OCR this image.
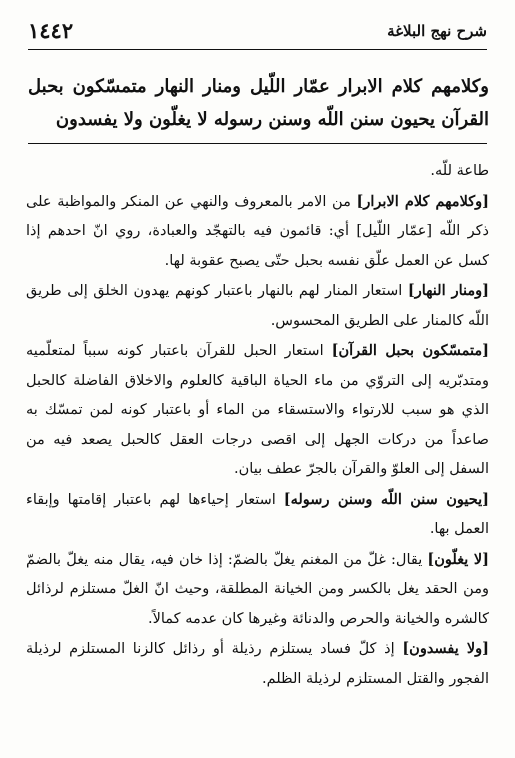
١٤٤٢	شرح نهج البلاغة
وكلامهم كلام الابرار عمّار اللّيل ومنار النهار متمسّكون بحبل القرآن يحيون سنن اللّه وسنن رسوله لا يغلّون ولا يفسدون

طاعة للّه.

[وكلامهم كلام الابرار] من الامر بالمعروف والنهي عن المنكر والمواظبة على ذكر اللّه [عمّار اللّيل] أي: قائمون فيه بالتهجّد والعبادة، روي انّ احدهم إذا كسل عن العمل علّق نفسه بحبل حتّى يصبح عقوبة لها.

[ومنار النهار] استعار المنار لهم بالنهار باعتبار كونهم يهدون الخلق إلى طريق اللّه كالمنار على الطريق المحسوس.

[متمسّكون بحبل القرآن] استعار الحبل للقرآن باعتبار كونه سبباً لمتعلّميه ومتدبّريه إلى التروّي من ماء الحياة الباقية كالعلوم والاخلاق الفاضلة كالحبل الذي هو سبب للارتواء والاستسقاء من الماء أو باعتبار كونه لمن تمسّك به صاعداً من دركات الجهل إلى اقصى درجات العقل كالحبل يصعد فيه من السفل إلى العلوّ والقرآن بالجرّ عطف بيان.

[يحيون سنن اللّه وسنن رسوله] استعار إحياءها لهم باعتبار إقامتها وإبقاء العمل بها.

[لا يغلّون] يقال: غلّ من المغنم يغلّ بالضمّ: إذا خان فيه، يقال منه يغلّ بالضمّ ومن الحقد يغل بالكسر ومن الخيانة المطلقة، وحيث انّ الغلّ مستلزم لرذائل كالشره والخيانة والحرص والدنائة وغيرها كان عدمه كمالاً.

[ولا يفسدون] إذ كلّ فساد يستلزم رذيلة أو رذائل كالزنا المستلزم لرذيلة الفجور والقتل المستلزم لرذيلة الظلم.
